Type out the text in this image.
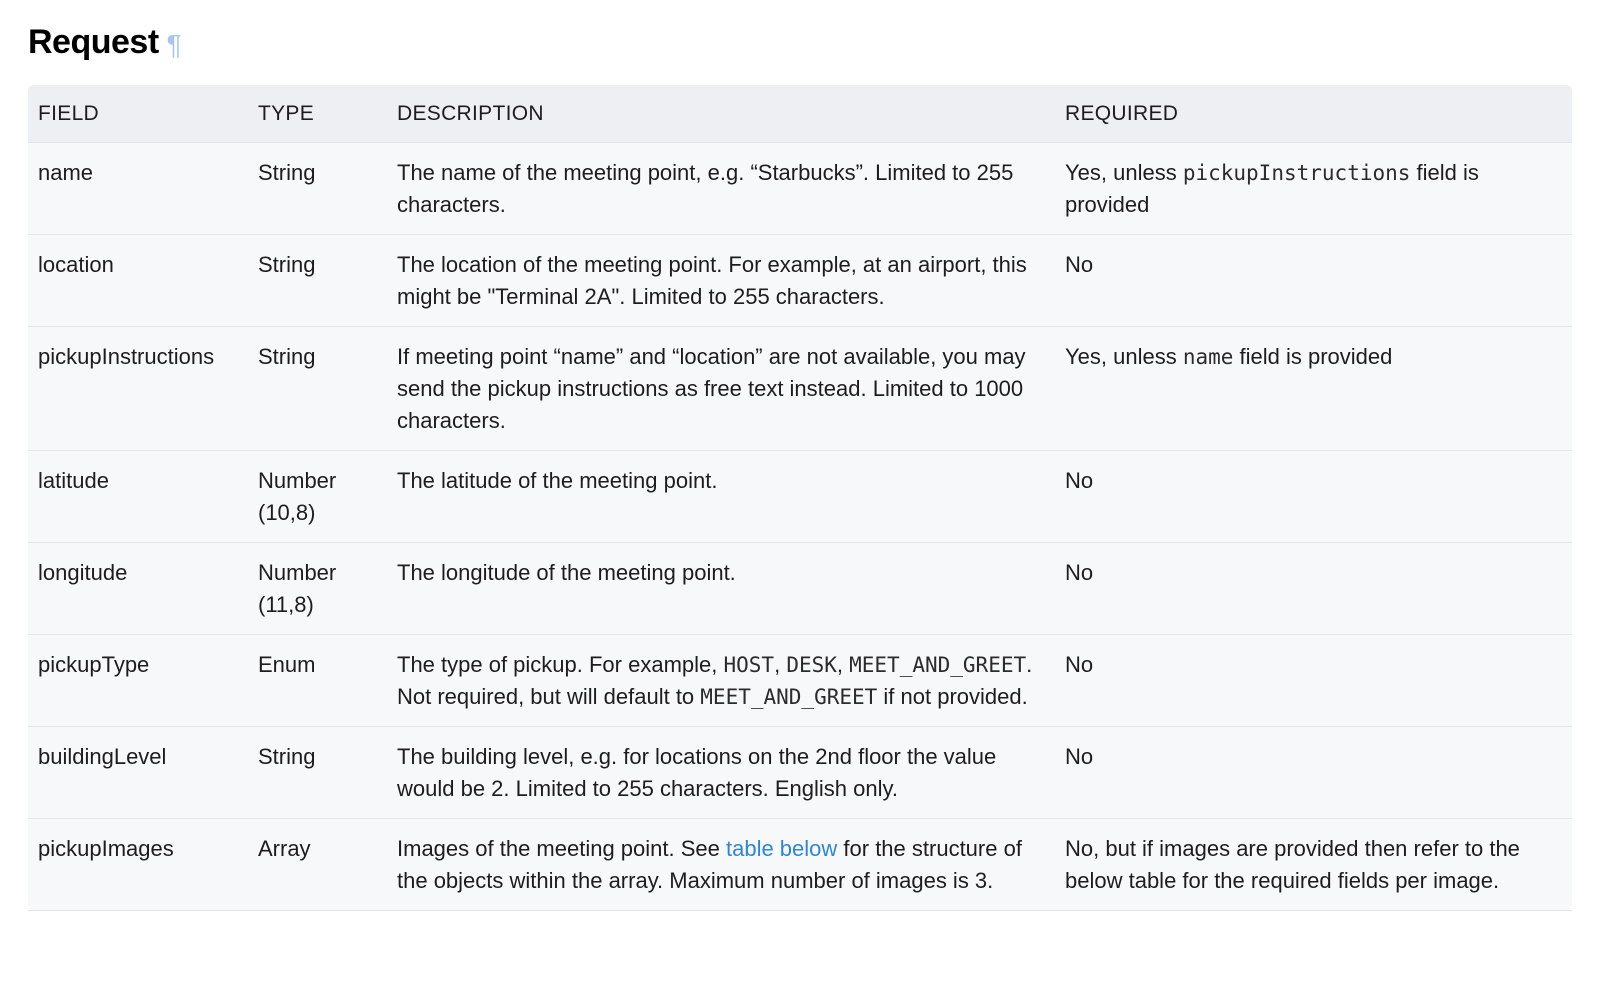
Request ¶
FIELD	TYPE	DESCRIPTION	REQUIRED
name	String	The name of the meeting point, e.g. “Starbucks”. Limited to 255 characters.	Yes, unless pickupInstructions field is provided
location	String	The location of the meeting point. For example, at an airport, this might be "Terminal 2A". Limited to 255 characters.	No
pickupInstructions	String	If meeting point “name” and “location” are not available, you may send the pickup instructions as free text instead. Limited to 1000 characters.	Yes, unless name field is provided
latitude	Number (10,8)	The latitude of the meeting point.	No
longitude	Number (11,8)	The longitude of the meeting point.	No
pickupType	Enum	The type of pickup. For example, HOST, DESK, MEET_AND_GREET. Not required, but will default to MEET_AND_GREET if not provided.	No
buildingLevel	String	The building level, e.g. for locations on the 2nd floor the value would be 2. Limited to 255 characters. English only.	No
pickupImages	Array	Images of the meeting point. See table below for the structure of the objects within the array. Maximum number of images is 3.	No, but if images are provided then refer to the below table for the required fields per image.
